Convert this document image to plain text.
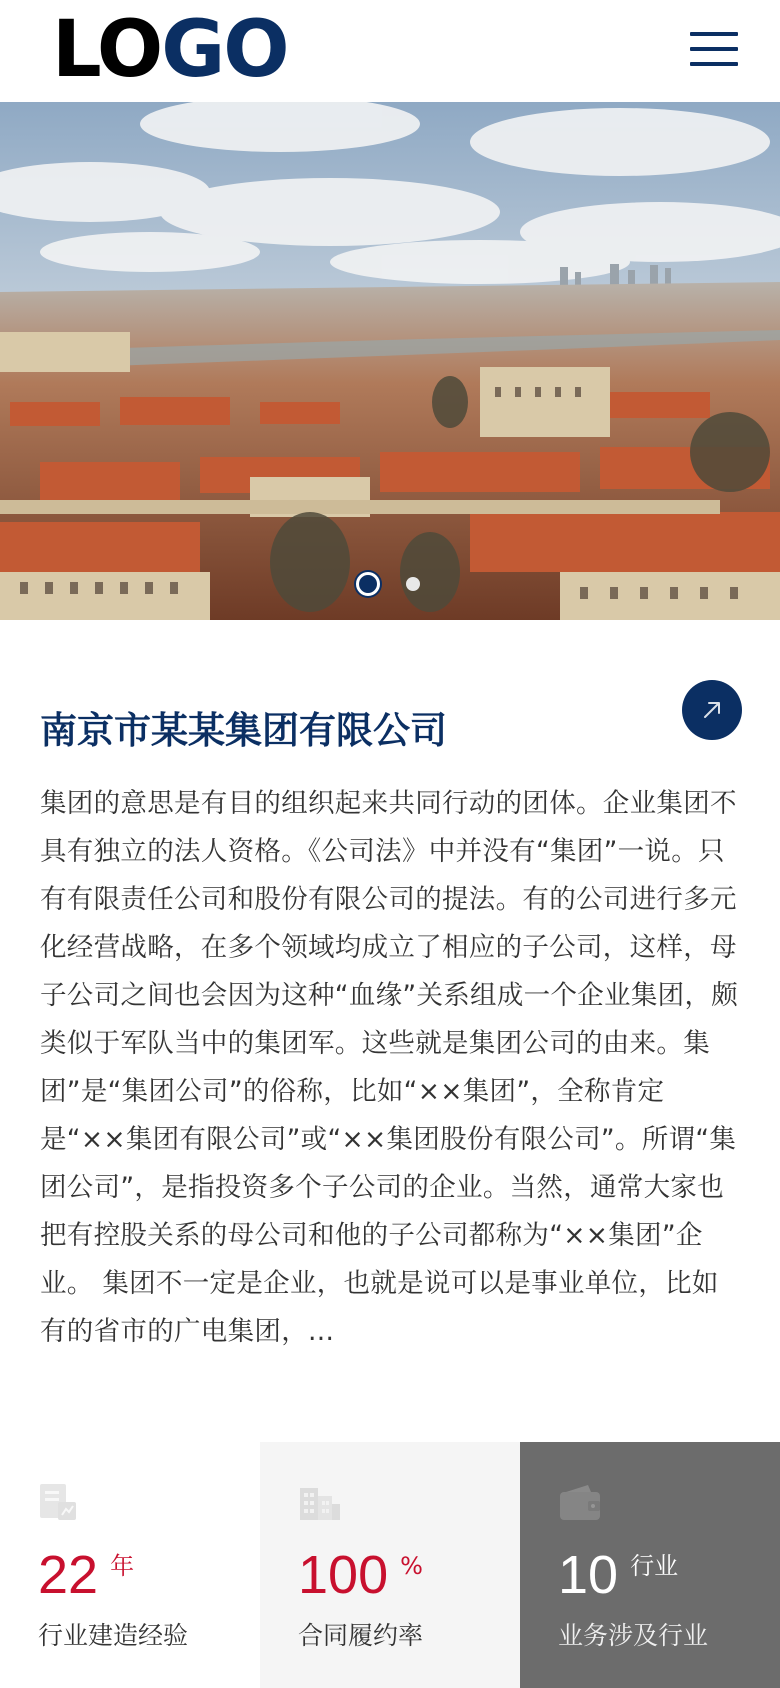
LO GO
南京市某某集团有限公司

集团的意思是有目的组织起来共同行动的团体。企业集团不具有独立的法人资格。《公司法》中并没有“集团”一说。只有有限责任公司和股份有限公司的提法。有的公司进行多元化经营战略，在多个领域均成立了相应的子公司，这样，母子公司之间也会因为这种“血缘”关系组成一个企业集团，颇类似于军队当中的集团军。这些就是集团公司的由来。集团”是“集团公司”的俗称，比如“××集团”，全称肯定是“××集团有限公司”或“××集团股份有限公司”。所谓“集团公司”，是指投资多个子公司的企业。当然，通常大家也把有控股关系的母公司和他的子公司都称为“××集团”企业。 集团不一定是企业，也就是说可以是事业单位，比如有的省市的广电集团，...

22 年
行业建造经验
100 %
合同履约率
10 行业
业务涉及行业
